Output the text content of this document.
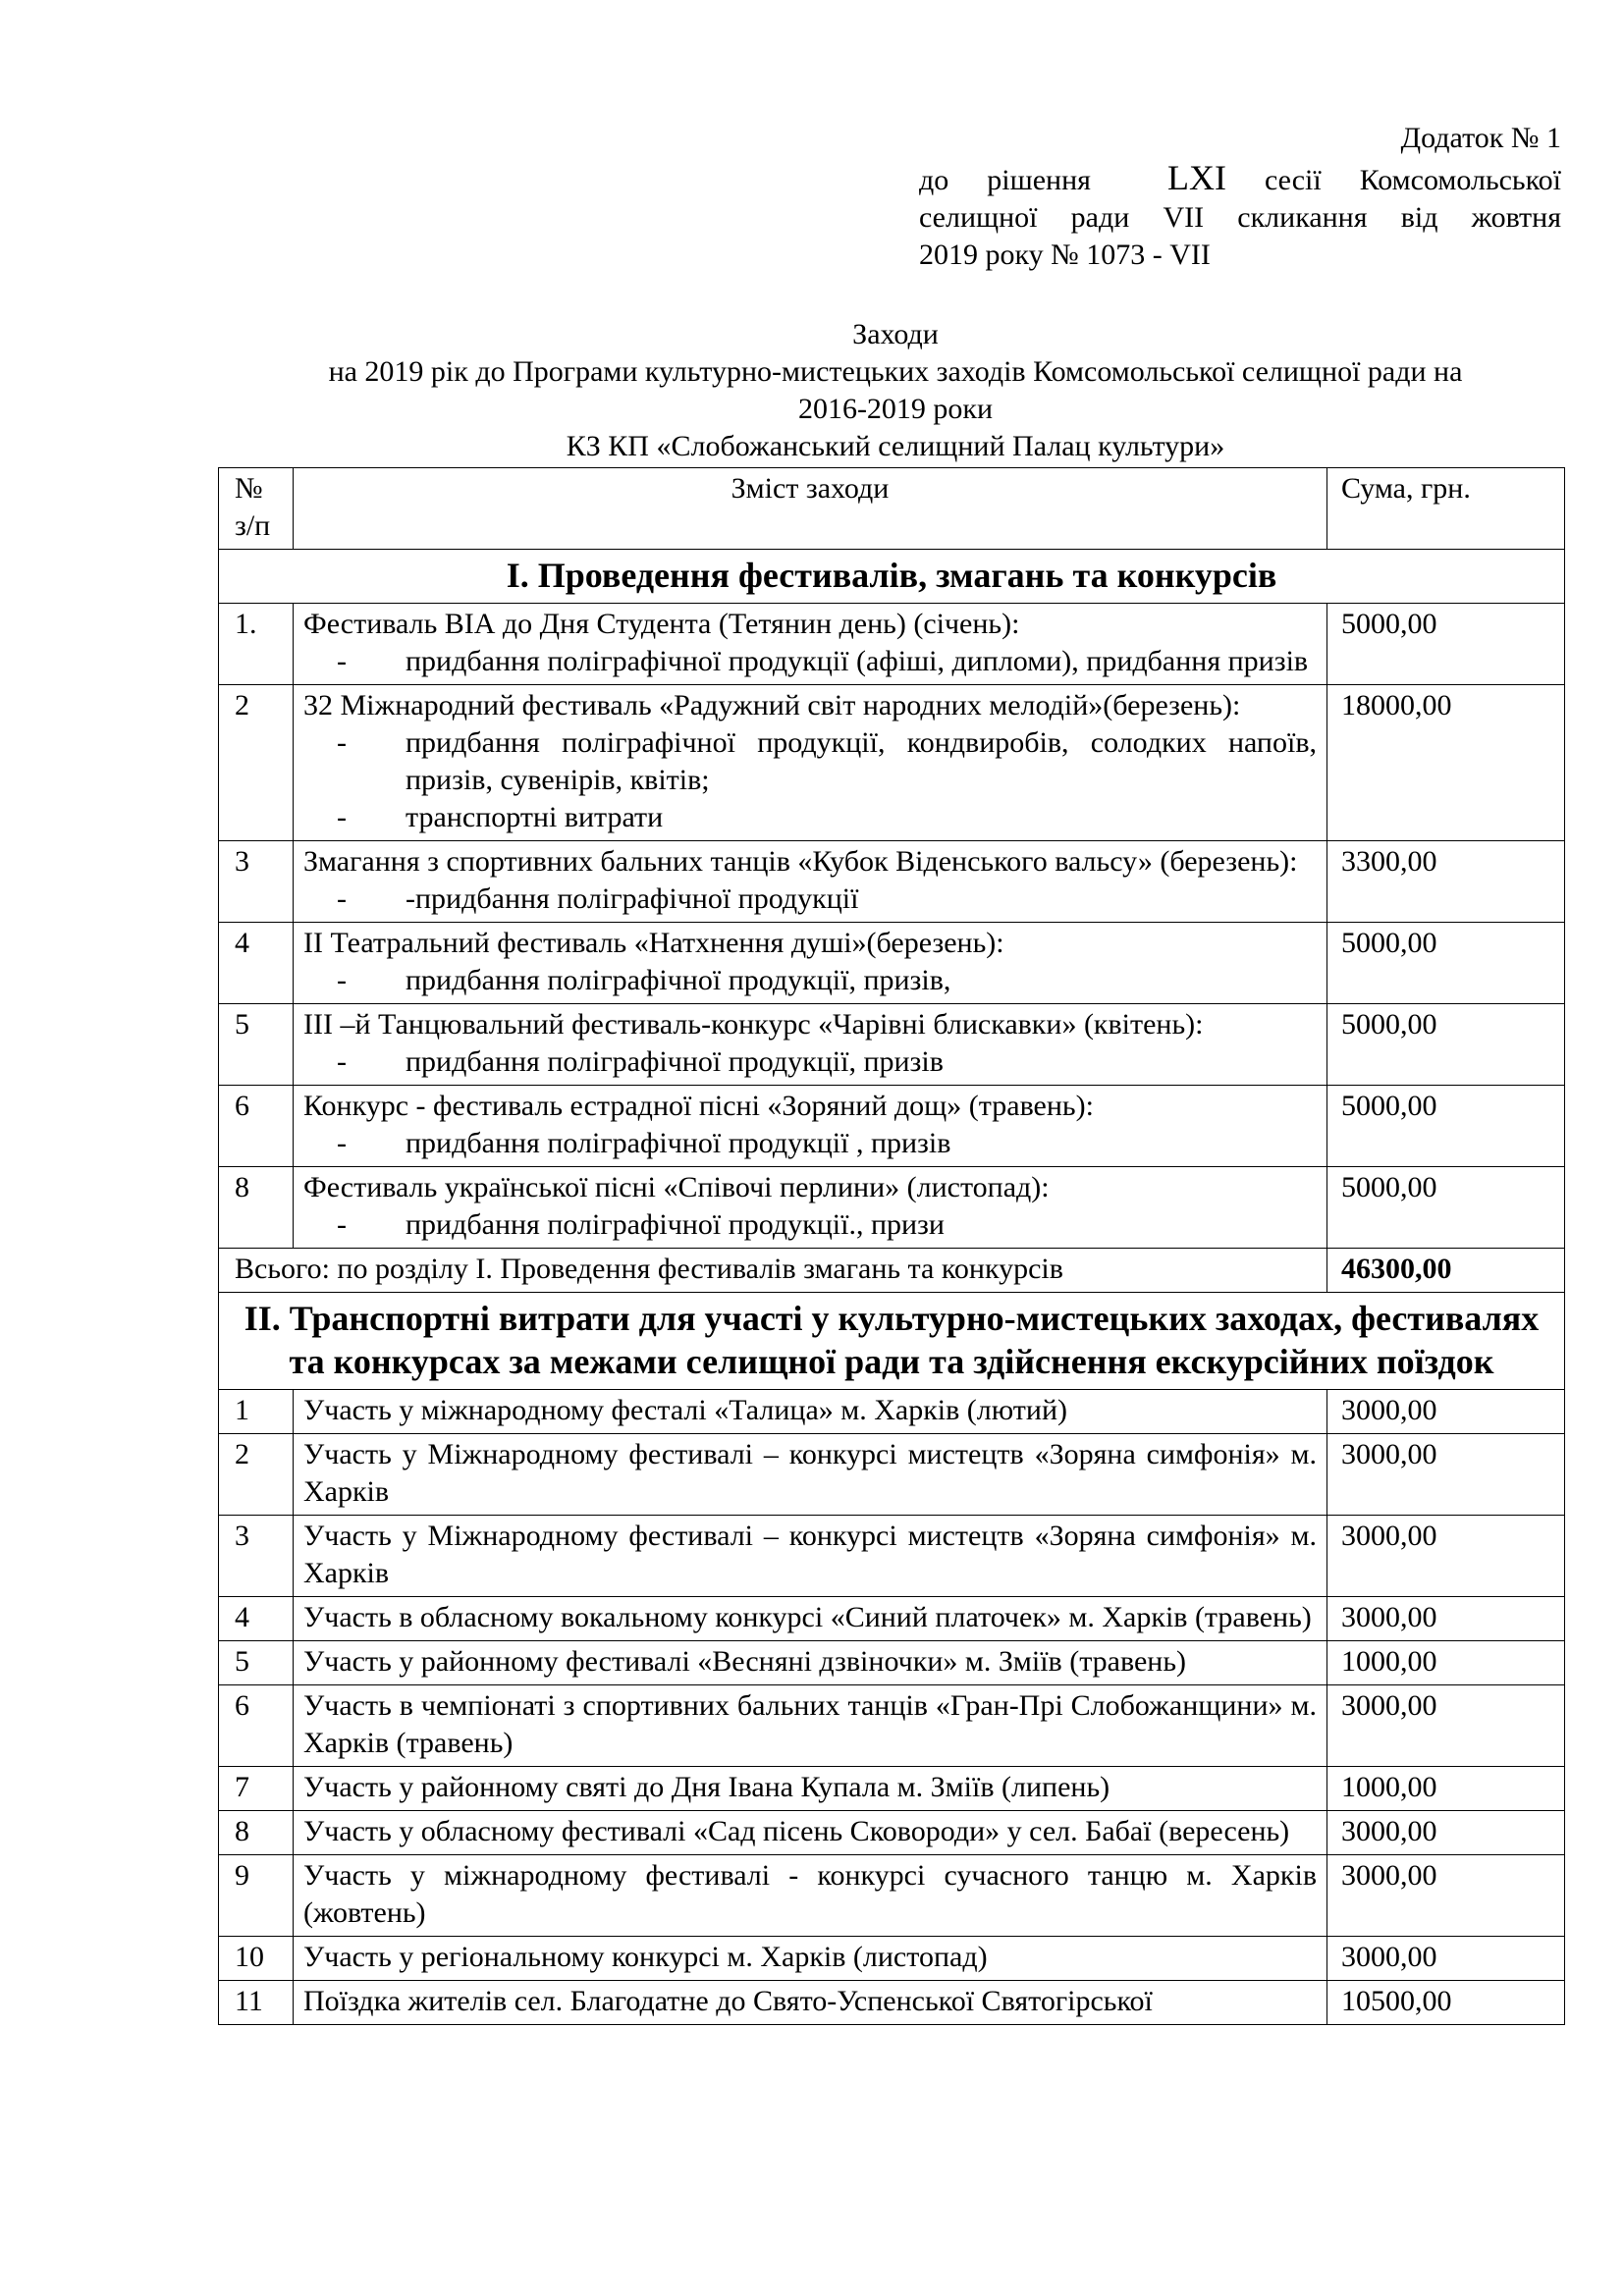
Додаток № 1
до рішення LXI сесії Комсомольської
селищної ради VII скликання від жовтня
2019 року № 1073 - VII
Заходи
на 2019 рік до Програми культурно-мистецьких заходів Комсомольської селищної ради на
2016-2019 роки
КЗ КП «Слобожанський селищний Палац культури»
№ з/п	Зміст заходи	Сума, грн.
І. Проведення фестивалів, змагань та конкурсів		
1.	Фестиваль ВІА до Дня Студента (Тетянин день) (січень):
- придбання поліграфічної продукції (афіші, дипломи), придбання призів	5000,00
2	32 Міжнародний фестиваль «Радужний світ народних мелодій»(березень):
- придбання поліграфічної продукції, кондвиробів, солодких напоїв, призів, сувенірів, квітів;
- транспортні витрати	18000,00
3	Змагання з спортивних бальних танців «Кубок Віденського вальсу» (березень):
- -придбання поліграфічної продукції	3300,00
4	ІІ Театральний фестиваль «Натхнення душі»(березень):
- придбання поліграфічної продукції, призів,	5000,00
5	ІІІ –й Танцювальний фестиваль-конкурс «Чарівні блискавки» (квітень):
- придбання поліграфічної продукції, призів	5000,00
6	Конкурс - фестиваль естрадної пісні «Зоряний дощ» (травень):
- придбання поліграфічної продукції , призів	5000,00
8	Фестиваль української пісні «Співочі перлини» (листопад):
- придбання поліграфічної продукції., призи	5000,00
Всього: по розділу І. Проведення фестивалів змагань та конкурсів		46300,00
ІІ. Транспортні витрати для участі у культурно-мистецьких заходах, фестивалях та конкурсах за межами селищної ради та здійснення екскурсійних поїздок		
1	Участь у міжнародному фесталі «Талица» м. Харків (лютий)	3000,00
2	Участь у Міжнародному фестивалі – конкурсі мистецтв «Зоряна симфонія» м. Харків	3000,00
3	Участь у Міжнародному фестивалі – конкурсі мистецтв «Зоряна симфонія» м. Харків	3000,00
4	Участь в обласному вокальному конкурсі «Синий платочек» м. Харків (травень)	3000,00
5	Участь у районному фестивалі «Весняні дзвіночки» м. Зміїв (травень)	1000,00
6	Участь в чемпіонаті з спортивних бальних танців «Гран-Прі Слобожанщини» м. Харків (травень)	3000,00
7	Участь у районному святі до Дня Івана Купала м. Зміїв (липень)	1000,00
8	Участь у обласному фестивалі «Сад пісень Сковороди» у сел. Бабаї (вересень)	3000,00
9	Участь у міжнародному фестивалі - конкурсі сучасного танцю м. Харків (жовтень)	3000,00
10	Участь у регіональному конкурсі м. Харків (листопад)	3000,00
11	Поїздка жителів сел. Благодатне до Свято-Успенської Святогірської	10500,00
